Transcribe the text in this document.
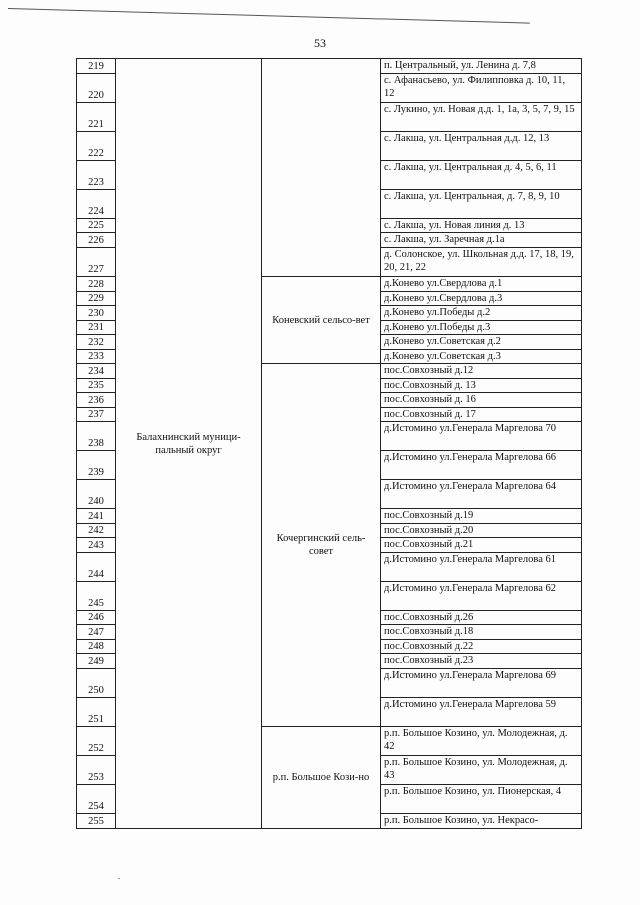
53
219	Балахнинский муници-пальный округ		п. Центральный, ул. Ленина д. 7,8
220			с. Афанасьево, ул. Филипповка д. 10, 11, 12
221			с. Лукино, ул. Новая д.д. 1, 1а, 3, 5, 7, 9, 15
222			с. Лакша, ул. Центральная д.д. 12, 13
223			с. Лакша, ул. Центральная д. 4, 5, 6, 11
224			с. Лакша, ул. Центральная, д. 7, 8, 9, 10
225			с. Лакша, ул. Новая линия д. 13
226			с. Лакша, ул. Заречная д.1а
227			д. Солонское, ул. Школьная д.д. 17, 18, 19, 20, 21, 22
228		Коневский сельсо-вет	д.Конево ул.Свердлова д.1
229			д.Конево ул.Свердлова д.3
230			д.Конево ул.Победы д.2
231			д.Конево ул.Победы д.3
232			д.Конево ул.Советская д.2
233			д.Конево ул.Советская д.3
234		Кочергинский сель-совет	пос.Совхозный д.12
235			пос.Совхозный д. 13
236			пос.Совхозный д. 16
237			пос.Совхозный д. 17
238			д.Истомино ул.Генерала Маргелова 70
239			д.Истомино ул.Генерала Маргелова 66
240			д.Истомино ул.Генерала Маргелова 64
241			пос.Совхозный д.19
242			пос.Совхозный д.20
243			пос.Совхозный д.21
244			д.Истомино ул.Генерала Маргелова 61
245			д.Истомино ул.Генерала Маргелова 62
246			пос.Совхозный д.26
247			пос.Совхозный д.18
248			пос.Совхозный д.22
249			пос.Совхозный д.23
250			д.Истомино ул.Генерала Маргелова 69
251			д.Истомино ул.Генерала Маргелова 59
252		р.п. Большое Кози-но	р.п. Большое Козино, ул. Молодежная, д. 42
253			р.п. Большое Козино, ул. Молодежная, д. 43
254			р.п. Большое Козино, ул. Пионерская, 4
255			р.п. Большое Козино, ул. Некрасо-
